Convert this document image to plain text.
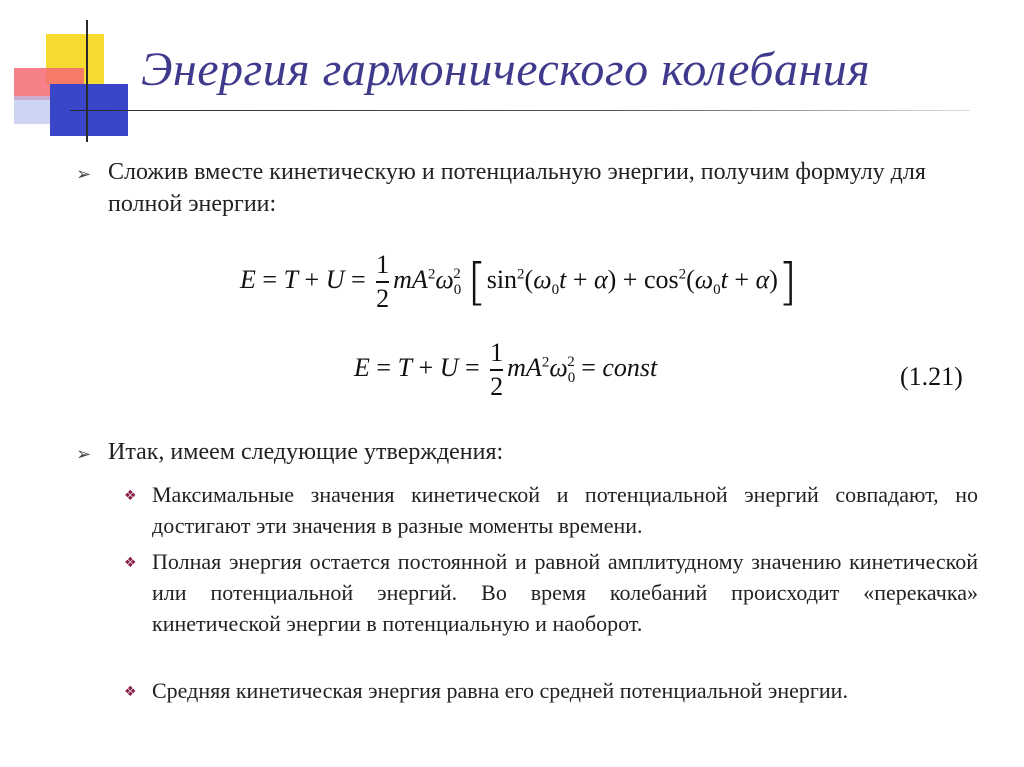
Энергия гармонического колебания
➢ Сложив вместе кинетическую и потенциальную энергии, получим формулу для полной энергии:
$E = T + U = \frac{1}{2} mA^2\omega_0^2$ $[\sin^2(\omega_0t + \alpha) + \cos^2(\omega_0t + \alpha)]$
$E = T + U = \frac{1}{2} mA^2\omega_0^2$ = const	(1.21)
➢ Итак, имеем следующие утверждения:
❖ Максимальные значения кинетической и потенциальной энергий совпадают, но достигают эти значения в разные моменты времени.
❖ Полная энергия остается постоянной и равной амплитудному значению кинетической или потенциальной энергий. Во время колебаний происходит «перекачка» кинетической энергии в потенциальную и наоборот.
❖ Средняя кинетическая энергия равна его средней потенциальной энергии.
